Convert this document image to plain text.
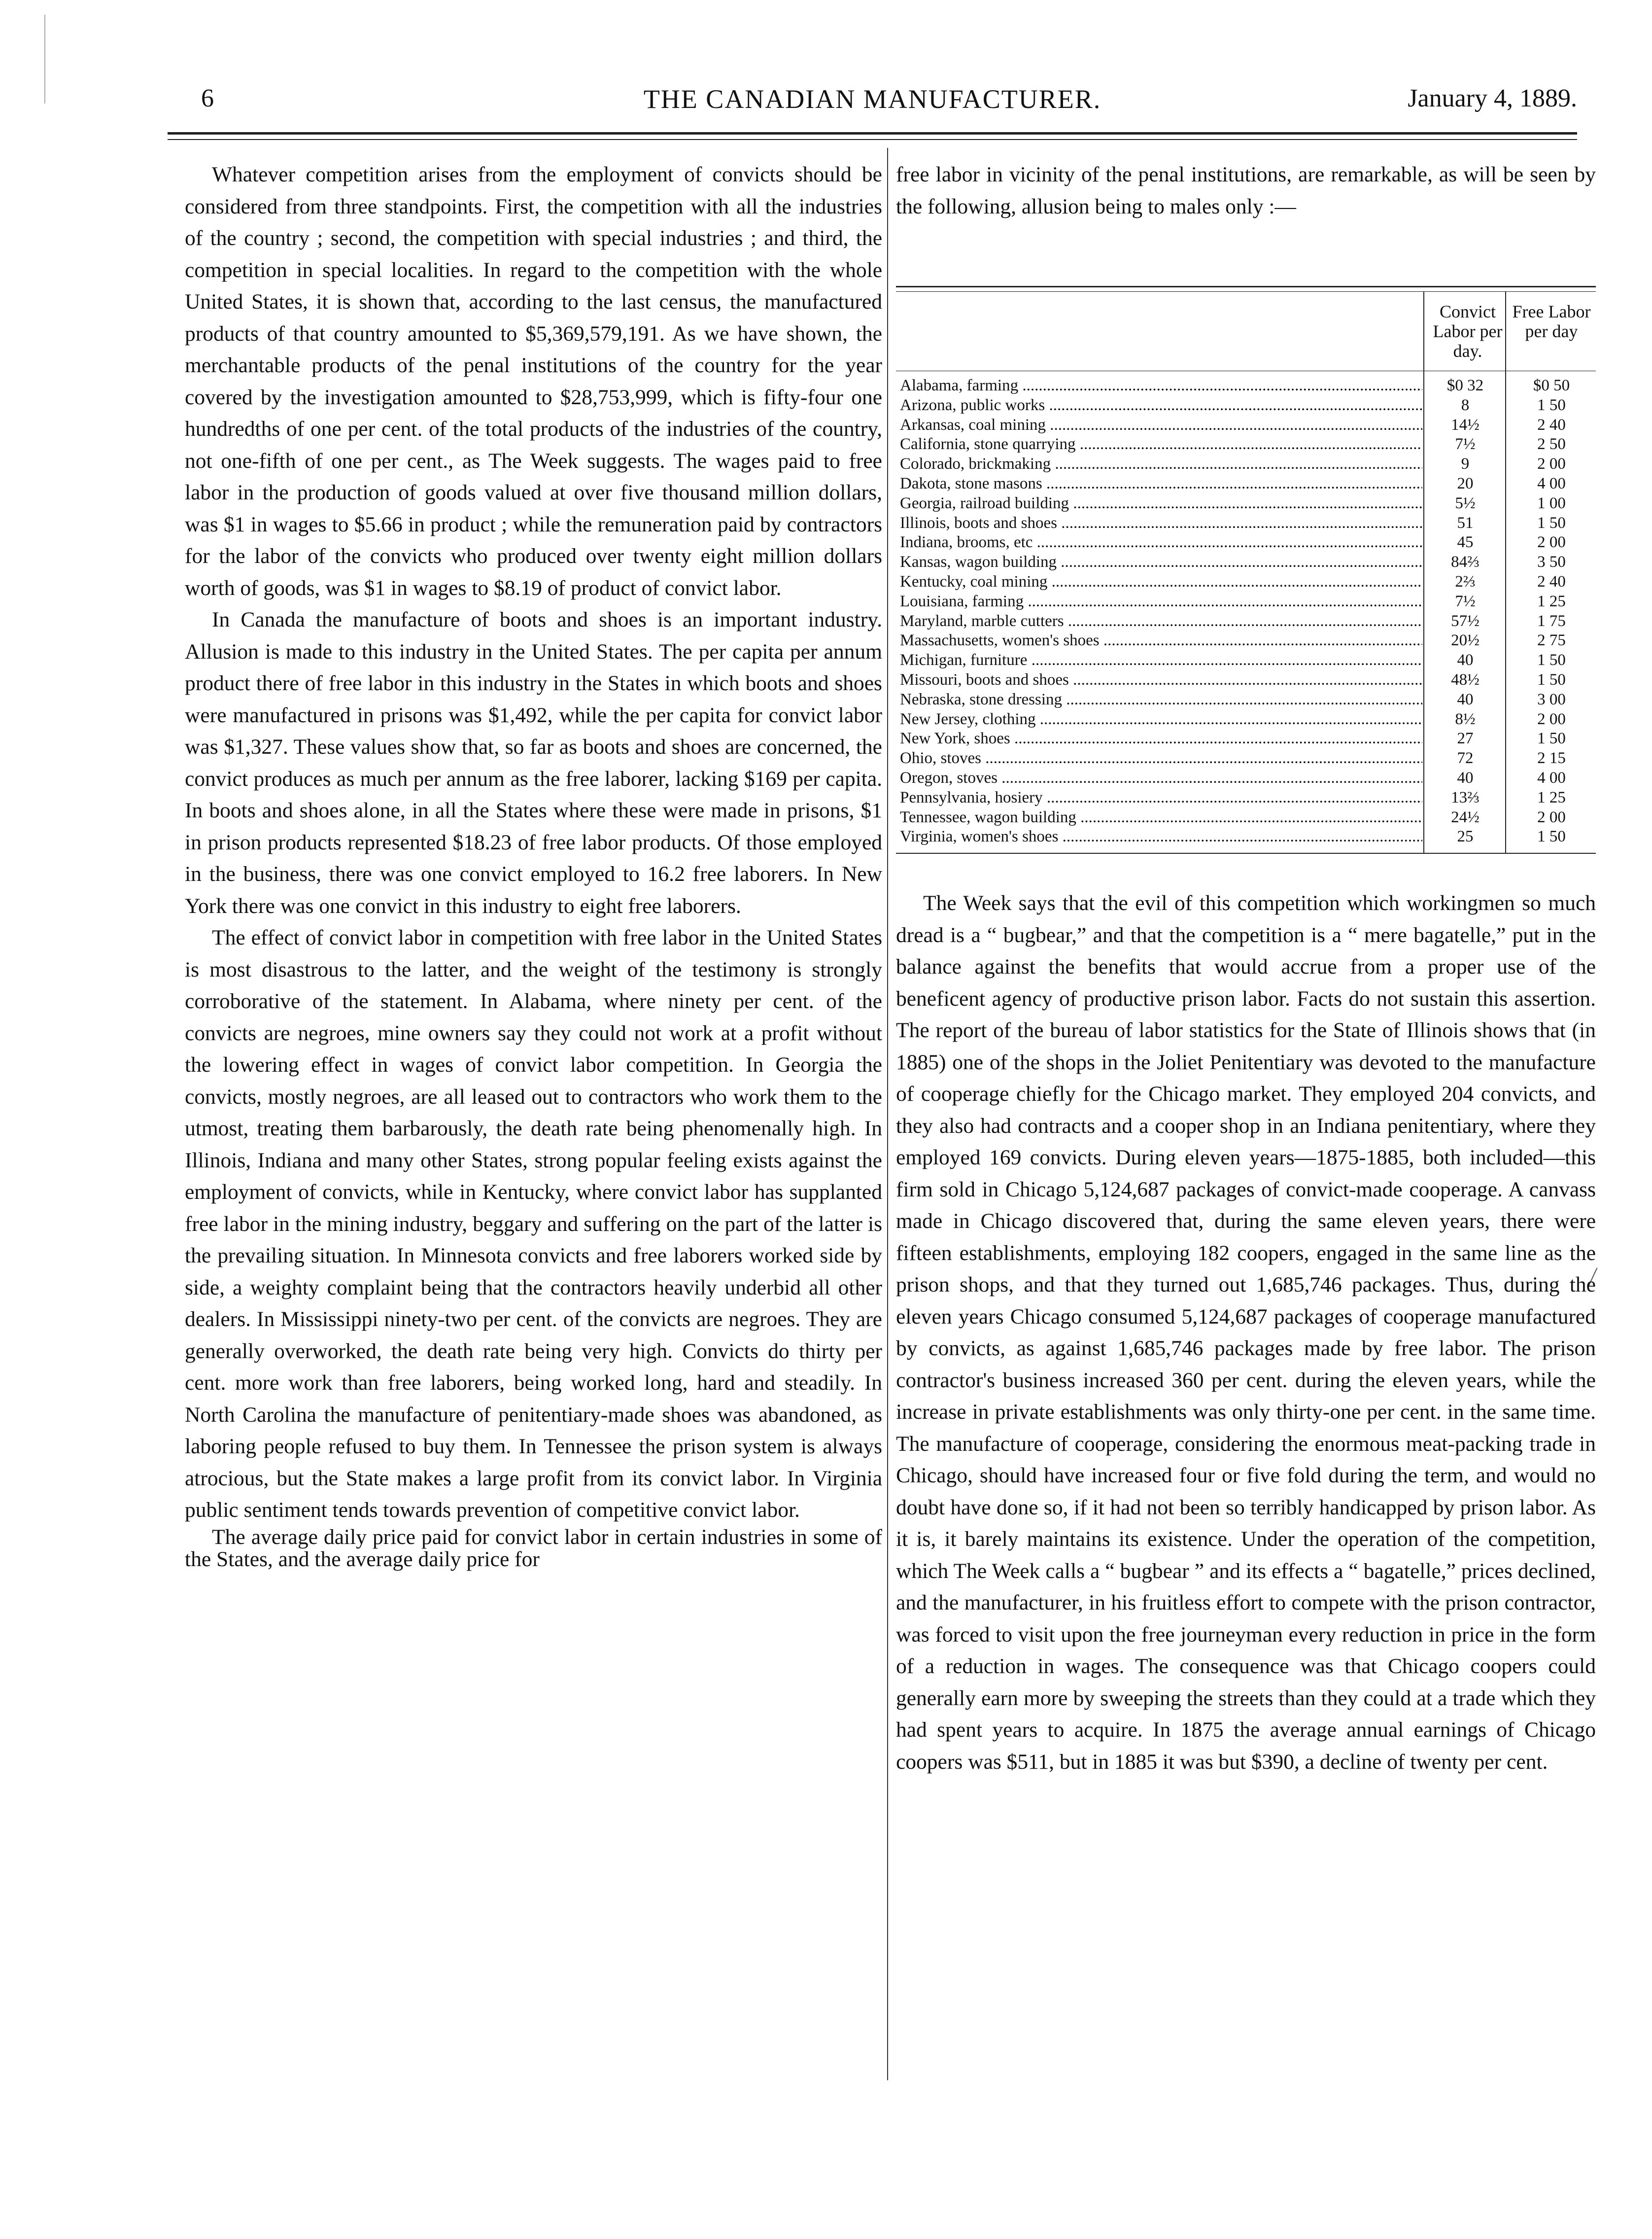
6	THE CANADIAN MANUFACTURER.	January 4, 1889.

Whatever competition arises from the employment of convicts should be considered from three standpoints. First, the competition with all the industries of the country ; second, the competition with special industries ; and third, the competition in special localities. In regard to the competition with the whole United States, it is shown that, according to the last census, the manufactured products of that country amounted to $5,369,579,191. As we have shown, the merchantable products of the penal institutions of the country for the year covered by the investigation amounted to $28,753,999, which is fifty-four one hundredths of one per cent. of the total products of the industries of the country, not one-fifth of one per cent., as The Week suggests. The wages paid to free labor in the production of goods valued at over five thousand million dollars, was $1 in wages to $5.66 in product ; while the remuneration paid by contractors for the labor of the convicts who produced over twenty eight million dollars worth of goods, was $1 in wages to $8.19 of product of convict labor.

In Canada the manufacture of boots and shoes is an important industry. Allusion is made to this industry in the United States. The per capita per annum product there of free labor in this industry in the States in which boots and shoes were manufactured in prisons was $1,492, while the per capita for convict labor was $1,327. These values show that, so far as boots and shoes are concerned, the convict produces as much per annum as the free laborer, lacking $169 per capita. In boots and shoes alone, in all the States where these were made in prisons, $1 in prison products represented $18.23 of free labor products. Of those employed in the business, there was one convict employed to 16.2 free laborers. In New York there was one convict in this industry to eight free laborers.

The effect of convict labor in competition with free labor in the United States is most disastrous to the latter, and the weight of the testimony is strongly corroborative of the statement. In Alabama, where ninety per cent. of the convicts are negroes, mine owners say they could not work at a profit without the lowering effect in wages of convict labor competition. In Georgia the convicts, mostly negroes, are all leased out to contractors who work them to the utmost, treating them barbarously, the death rate being phenomenally high. In Illinois, Indiana and many other States, strong popular feeling exists against the employment of convicts, while in Kentucky, where convict labor has supplanted free labor in the mining industry, beggary and suffering on the part of the latter is the prevailing situation. In Minnesota convicts and free laborers worked side by side, a weighty complaint being that the contractors heavily underbid all other dealers. In Mississippi ninety-two per cent. of the convicts are negroes. They are generally overworked, the death rate being very high. Convicts do thirty per cent. more work than free laborers, being worked long, hard and steadily. In North Carolina the manufacture of penitentiary-made shoes was abandoned, as laboring people refused to buy them. In Tennessee the prison system is always atrocious, but the State makes a large profit from its convict labor. In Virginia public sentiment tends towards prevention of competitive convict labor.

The average daily price paid for convict labor in certain industries in some of the States, and the average daily price for

free labor in vicinity of the penal institutions, are remarkable, as will be seen by the following, allusion being to males only :—

Convict Labor per day.
Free Labor per day
Alabama, farming .....	$0 32	$0 50
Arizona, public works .....	8	1 50
Arkansas, coal mining .....	14½	2 40
California, stone quarrying .....	7½	2 50
Colorado, brickmaking .....	9	2 00
Dakota, stone masons .....	20	4 00
Georgia, railroad building .....	5½	1 00
Illinois, boots and shoes .....	51	1 50
Indiana, brooms, etc .....	45	2 00
Kansas, wagon building .....	84⅔	3 50
Kentucky, coal mining .....	2⅔	2 40
Louisiana, farming .....	7½	1 25
Maryland, marble cutters .....	57½	1 75
Massachusetts, women's shoes .....	20½	2 75
Michigan, furniture .....	40	1 50
Missouri, boots and shoes .....	48½	1 50
Nebraska, stone dressing .....	40	3 00
New Jersey, clothing .....	8½	2 00
New York, shoes .....	27	1 50
Ohio, stoves .....	72	2 15
Oregon, stoves .....	40	4 00
Pennsylvania, hosiery .....	13⅔	1 25
Tennessee, wagon building .....	24½	2 00
Virginia, women's shoes .....	25	1 50

The Week says that the evil of this competition which workingmen so much dread is a “ bugbear,” and that the competition is a “ mere bagatelle,” put in the balance against the benefits that would accrue from a proper use of the beneficent agency of productive prison labor. Facts do not sustain this assertion. The report of the bureau of labor statistics for the State of Illinois shows that (in 1885) one of the shops in the Joliet Penitentiary was devoted to the manufacture of cooperage chiefly for the Chicago market. They employed 204 convicts, and they also had contracts and a cooper shop in an Indiana penitentiary, where they employed 169 convicts. During eleven years—1875-1885, both included—this firm sold in Chicago 5,124,687 packages of convict-made cooperage. A canvass made in Chicago discovered that, during the same eleven years, there were fifteen establishments, employing 182 coopers, engaged in the same line as the prison shops, and that they turned out 1,685,746 packages. Thus, during the eleven years Chicago consumed 5,124,687 packages of cooperage manufactured by convicts, as against 1,685,746 packages made by free labor. The prison contractor's business increased 360 per cent. during the eleven years, while the increase in private establishments was only thirty-one per cent. in the same time. The manufacture of cooperage, considering the enormous meat-packing trade in Chicago, should have increased four or five fold during the term, and would no doubt have done so, if it had not been so terribly handicapped by prison labor. As it is, it barely maintains its existence. Under the operation of the competition, which The Week calls a “ bugbear ” and its effects a “ bagatelle,” prices declined, and the manufacturer, in his fruitless effort to compete with the prison contractor, was forced to visit upon the free journeyman every reduction in price in the form of a reduction in wages. The consequence was that Chicago coopers could generally earn more by sweeping the streets than they could at a trade which they had spent years to acquire. In 1875 the average annual earnings of Chicago coopers was $511, but in 1885 it was but $390, a decline of twenty per cent.
